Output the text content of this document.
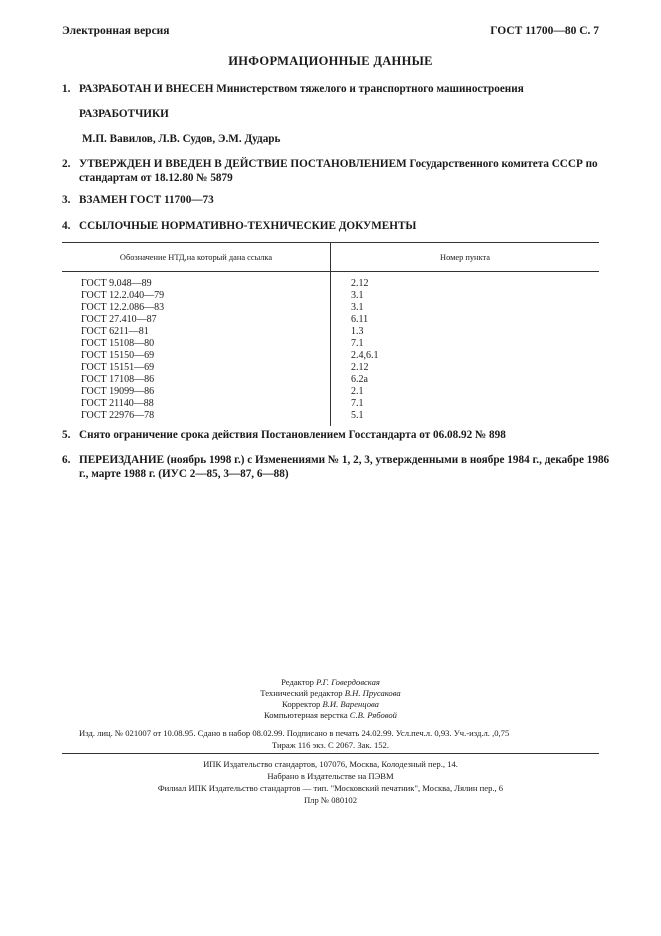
Электронная версия	ГОСТ 11700—80 С. 7
ИНФОРМАЦИОННЫЕ ДАННЫЕ
1. РАЗРАБОТАН И ВНЕСЕН Министерством тяжелого и транспортного машиностроения
РАЗРАБОТЧИКИ
М.П. Вавилов, Л.В. Судов, Э.М. Дударь
2. УТВЕРЖДЕН И ВВЕДЕН В ДЕЙСТВИЕ ПОСТАНОВЛЕНИЕМ Государственного комитета СССР по стандартам от 18.12.80 № 5879
3. ВЗАМЕН ГОСТ 11700—73
4. ССЫЛОЧНЫЕ НОРМАТИВНО-ТЕХНИЧЕСКИЕ ДОКУМЕНТЫ
Обозначение НТД,на который дана ссылка	Номер пункта
ГОСТ 9.048—89	2.12
ГОСТ 12.2.040—79	3.1
ГОСТ 12.2.086—83	3.1
ГОСТ 27.410—87	6.11
ГОСТ 6211—81	1.3
ГОСТ 15108—80	7.1
ГОСТ 15150—69	2.4,6.1
ГОСТ 15151—69	2.12
ГОСТ 17108—86	6.2а
ГОСТ 19099—86	2.1
ГОСТ 21140—88	7.1
ГОСТ 22976—78	5.1
5. Снято ограничение срока действия Постановлением Госстандарта от 06.08.92 № 898
6. ПЕРЕИЗДАНИЕ (ноябрь 1998 г.) с Изменениями № 1, 2, 3, утвержденными в ноябре 1984 г., декабре 1986 г., марте 1988 г. (ИУС 2—85, 3—87, 6—88)
Редактор Р.Г. Говердовская
Технический редактор В.Н. Прусакова
Корректор В.И. Варенцова
Компьютерная верстка С.В. Рябовой
Изд. лиц. № 021007 от 10.08.95. Сдано в набор 08.02.99. Подписано в печать 24.02.99. Усл.печ.л. 0,93. Уч.-изд.л. ,0,75
Тираж 116 экз. С 2067. Зак. 152.
ИПК Издательство стандартов, 107076, Москва, Колодезный пер., 14.
Набрано в Издательстве на ПЭВМ
Филиал ИПК Издательство стандартов — тип. "Московский печатник", Москва, Лялин пер., 6
Плр № 080102
